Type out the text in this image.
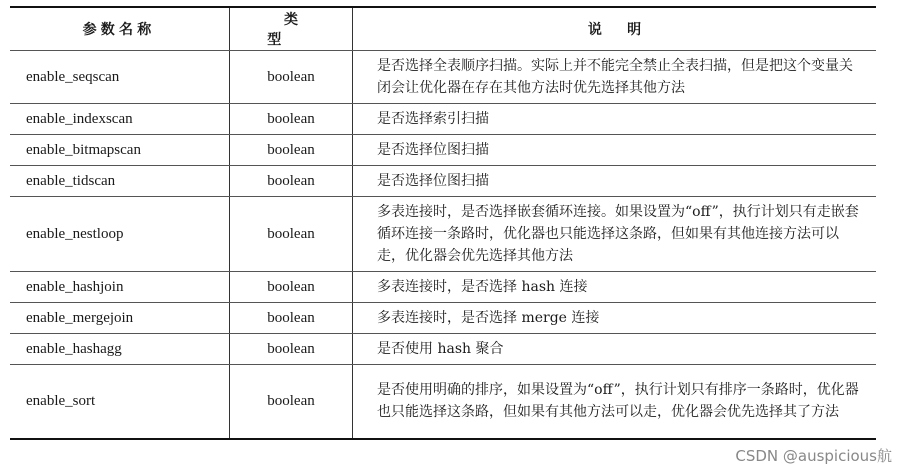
参数名称	类型	说明
enable_seqscan	boolean	是否选择全表顺序扫描。实际上并不能完全禁止全表扫描，但是把这个变量关闭会让优化器在存在其他方法时优先选择其他方法
enable_indexscan	boolean	是否选择索引扫描
enable_bitmapscan	boolean	是否选择位图扫描
enable_tidscan	boolean	是否选择位图扫描
enable_nestloop	boolean	多表连接时，是否选择嵌套循环连接。如果设置为“off”，执行计划只有走嵌套循环连接一条路时，优化器也只能选择这条路，但如果有其他连接方法可以走，优化器会优先选择其他方法
enable_hashjoin	boolean	多表连接时，是否选择 hash 连接
enable_mergejoin	boolean	多表连接时，是否选择 merge 连接
enable_hashagg	boolean	是否使用 hash 聚合
enable_sort	boolean	是否使用明确的排序，如果设置为“off”，执行计划只有排序一条路时，优化器也只能选择这条路，但如果有其他方法可以走，优化器会优先选择其了方法
CSDN @auspicious航
